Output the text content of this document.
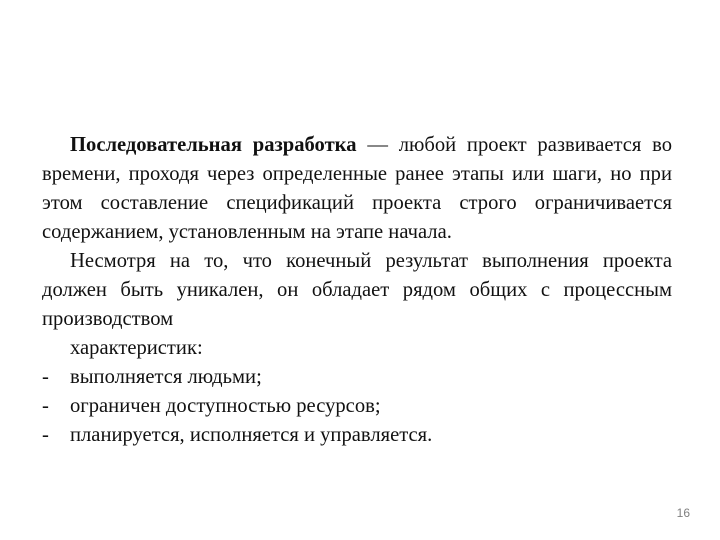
Последовательная разработка — любой проект развивается во времени, проходя через определенные ранее этапы или шаги, но при этом составление спецификаций проекта строго ограничивается содержанием, установленным на этапе начала.

Несмотря на то, что конечный результат выполнения проекта должен быть уникален, он обладает рядом общих с процессным производством

характеристик:

- выполняется людьми;
- ограничен доступностью ресурсов;
- планируется, исполняется и управляется.
16
